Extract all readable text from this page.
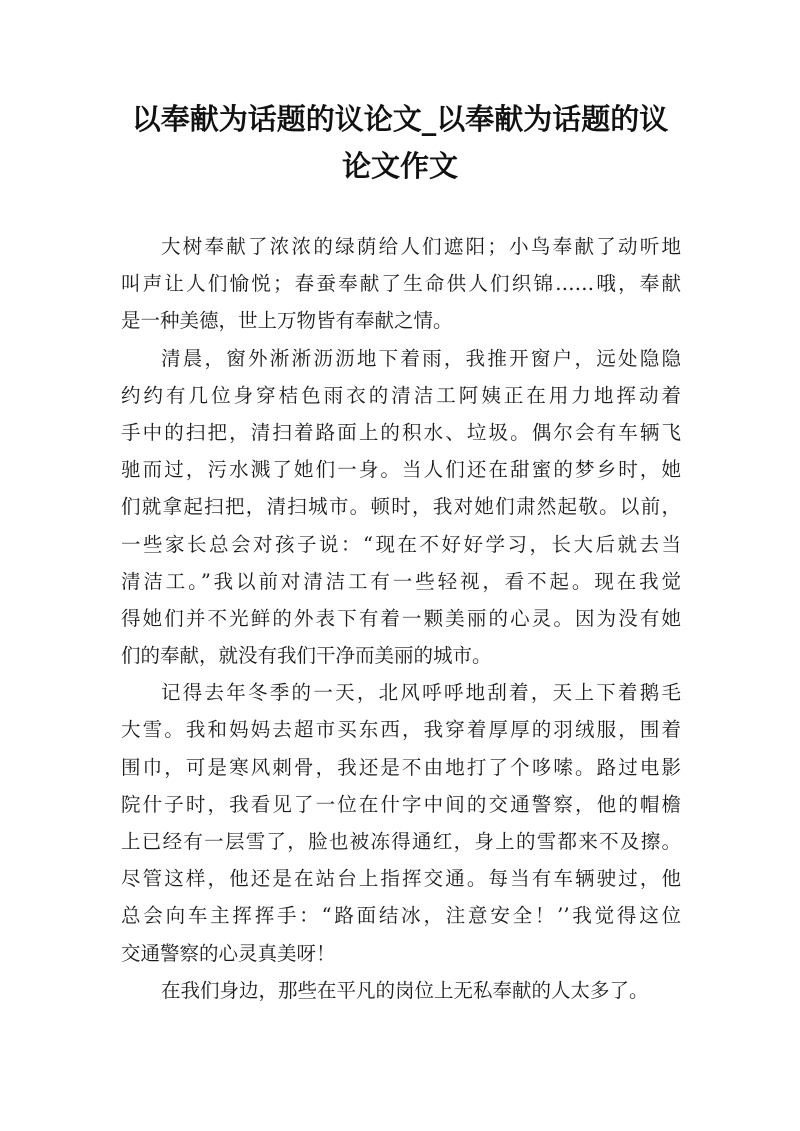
以奉献为话题的议论文_以奉献为话题的议
论文作文
大树奉献了浓浓的绿荫给人们遮阳；小鸟奉献了动听地
叫声让人们愉悦；春蚕奉献了生命供人们织锦……哦，奉献
是一种美德，世上万物皆有奉献之情。
清晨，窗外淅淅沥沥地下着雨，我推开窗户，远处隐隐
约约有几位身穿桔色雨衣的清洁工阿姨正在用力地挥动着
手中的扫把，清扫着路面上的积水、垃圾。偶尔会有车辆飞
驰而过，污水溅了她们一身。当人们还在甜蜜的梦乡时，她
们就拿起扫把，清扫城市。顿时，我对她们肃然起敬。以前，
一些家长总会对孩子说：“现在不好好学习，长大后就去当
清洁工。”我以前对清洁工有一些轻视，看不起。现在我觉
得她们并不光鲜的外表下有着一颗美丽的心灵。因为没有她
们的奉献，就没有我们干净而美丽的城市。
记得去年冬季的一天，北风呼呼地刮着，天上下着鹅毛
大雪。我和妈妈去超市买东西，我穿着厚厚的羽绒服，围着
围巾，可是寒风刺骨，我还是不由地打了个哆嗦。路过电影
院什子时，我看见了一位在什字中间的交通警察，他的帽檐
上已经有一层雪了，脸也被冻得通红，身上的雪都来不及擦。
尽管这样，他还是在站台上指挥交通。每当有车辆驶过，他
总会向车主挥挥手：“路面结冰，注意安全！’’我觉得这位
交通警察的心灵真美呀！
在我们身边，那些在平凡的岗位上无私奉献的人太多了。
